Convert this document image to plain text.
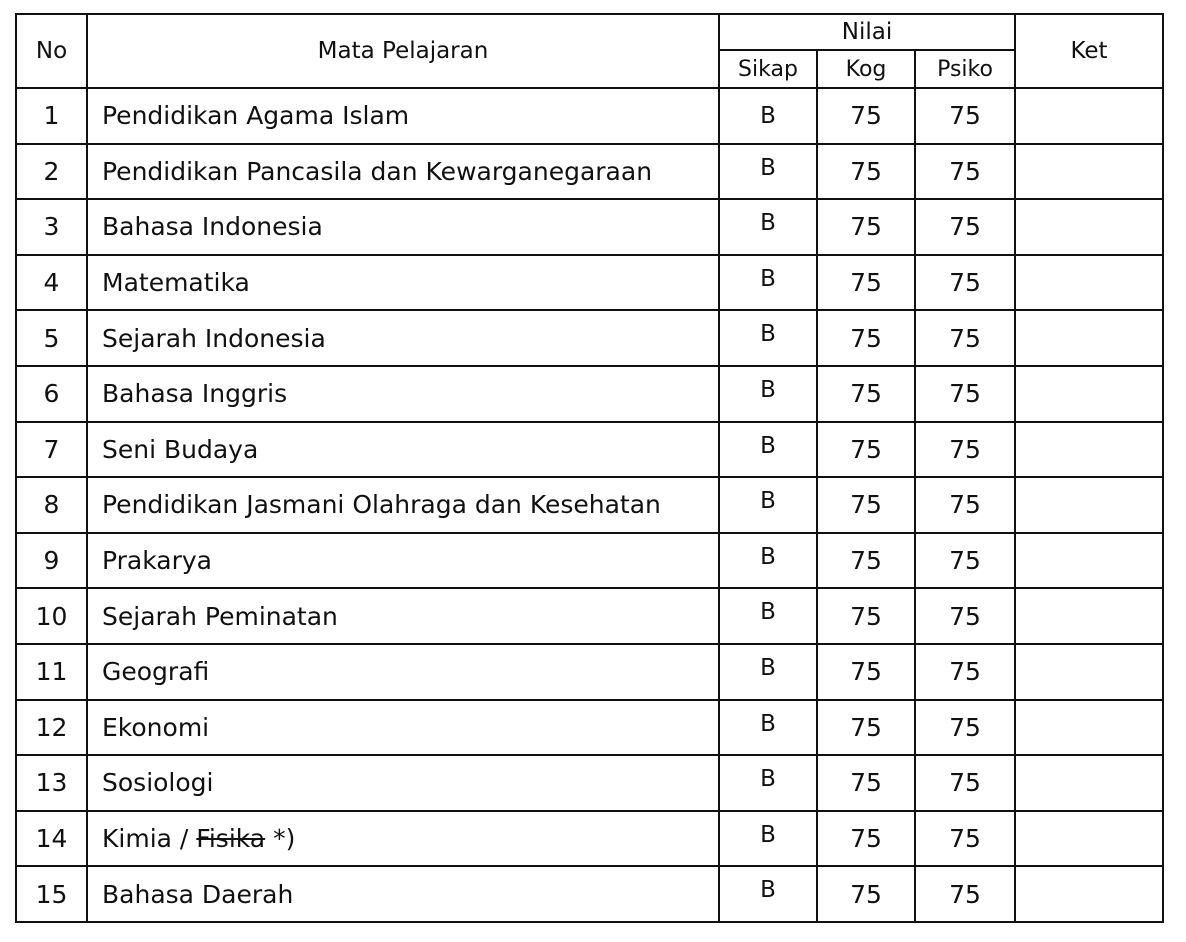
No	Mata Pelajaran	Nilai			Ket
		Sikap	Kog	Psiko	
1	Pendidikan Agama Islam	B	75	75	
2	Pendidikan Pancasila dan Kewarganegaraan	B	75	75	
3	Bahasa Indonesia	B	75	75	
4	Matematika	B	75	75	
5	Sejarah Indonesia	B	75	75	
6	Bahasa Inggris	B	75	75	
7	Seni Budaya	B	75	75	
8	Pendidikan Jasmani Olahraga dan Kesehatan	B	75	75	
9	Prakarya	B	75	75	
10	Sejarah Peminatan	B	75	75	
11	Geografi	B	75	75	
12	Ekonomi	B	75	75	
13	Sosiologi	B	75	75	
14	Kimia / Fisika *)	B	75	75	
15	Bahasa Daerah	B	75	75	
